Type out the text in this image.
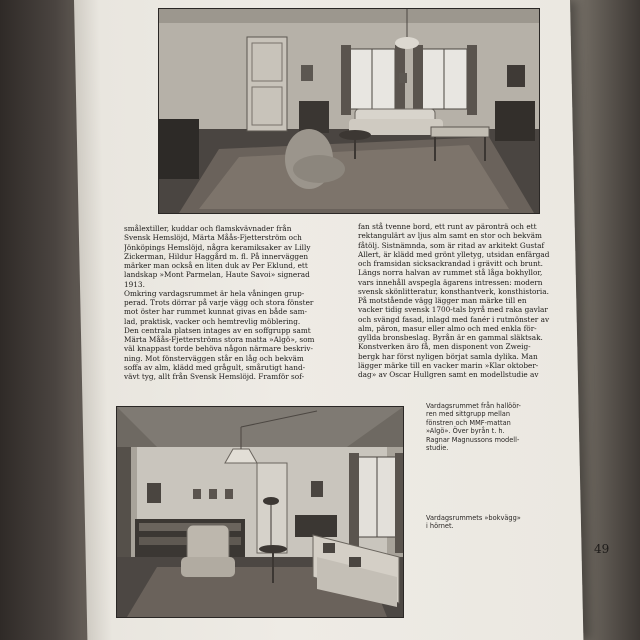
smålextiller, kuddar och flamskvävnader från
Svensk Hemslöjd, Märta Måås-Fjetterström och
Jönköpings Hemslöjd, några keramiksaker av Lilly
Zickerman, Hildur Haggård m. fl. På innerväggen
märker man också en liten duk av Per Eklund, ett
landskap »Mont Parmelan, Haute Savoi» signerad
1913.
Omkring vardagsrummet är hela våningen grup-
perad. Trots dörrar på varje vägg och stora fönster
mot öster har rummet kunnat givas en både sam-
lad, praktisk, vacker och hemtrevlig möblering.
Den centrala platsen intages av en soffgrupp samt
Märta Måås-Fjetterströms stora matta »Algö», som
väl knappast torde behöva någon närmare beskriv-
ning. Mot fönsterväggen står en låg och bekväm
soffa av alm, klädd med grågult, smårutigt hand-
vävt tyg, allt från Svensk Hemslöjd. Framför sof-
fan stå tvenne bord, ett runt av päronträ och ett
rektangulärt av ljus alm samt en stor och bekväm
fåtölj. Sistnämnda, som är ritad av arkitekt Gustaf
Allert, är klädd med grönt ylletyg, utsidan enfärgad
och framsidan sicksackrandad i grävitt och brunt.
Längs norra halvan av rummet stå låga bokhyllor,
vars innehåll avspegla ägarens intressen: modern
svensk skönlitteratur, konsthantverk, konsthistoria.
På motstående vägg lägger man märke till en
vacker tidig svensk 1700-tals byrå med raka gavlar
och svängd fasad, inlagd med fanér i rutmönster av
alm, päron, masur eller almo och med enkla för-
gyllda bronsbeslag. Byrån är en gammal släktsak.
Konstverken äro få, men disponent von Zweig-
bergk har först nyligen börjat samla dylika. Man
lägger märke till en vacker marin »Klar oktober-
dag» av Oscar Hullgren samt en modellstudie av
Vardagsrummet från hallöör-
ren med sittgrupp mellan
fönstren och MMF-mattan
»Algö». Över byrån t. h.
Ragnar Magnussons modell-
studie.
Vardagsrummets »bokvägg»
i hörnet.
49
